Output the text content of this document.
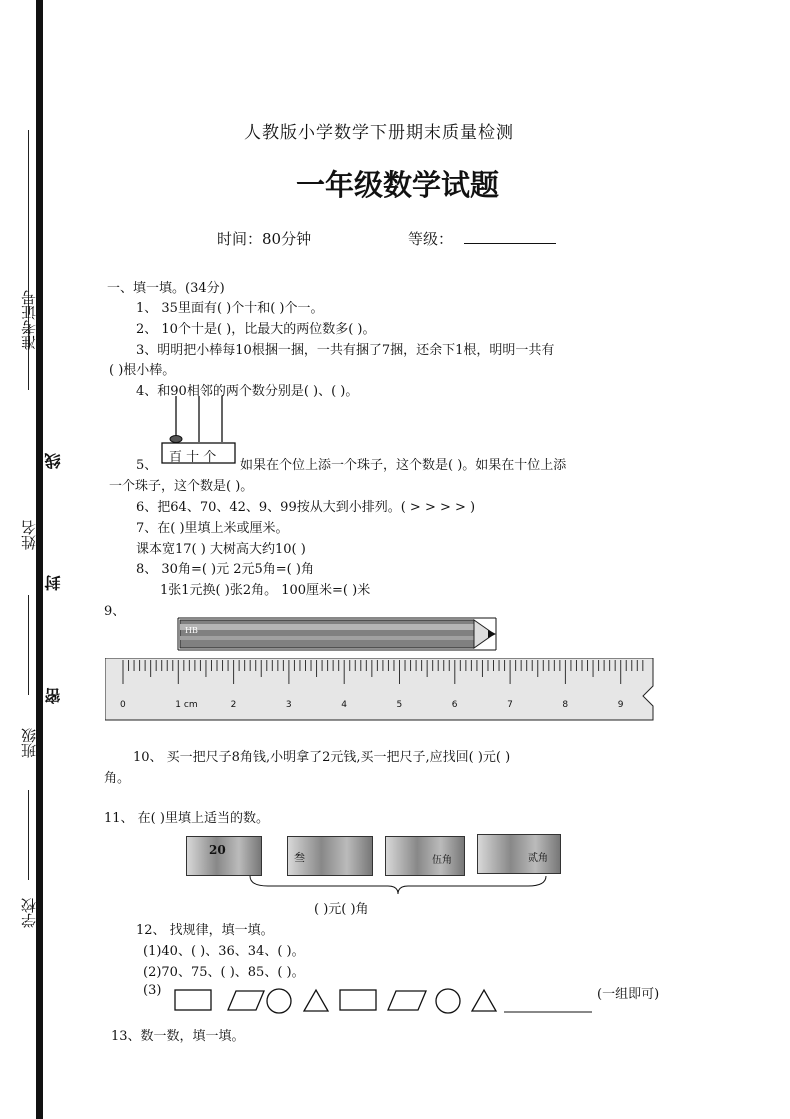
准考证号
线
姓名
封
密
班级
学校
人教版小学数学下册期末质量检测
一年级数学试题
时间：80分钟	等级：
一、填一填。(34分)
1、 35里面有( )个十和( )个一。
2、 10个十是( )，比最大的两位数多( )。
3、明明把小棒每10根捆一捆，一共有捆了7捆，还余下1根，明明一共有
( )根小棒。
4、和90相邻的两个数分别是( )、( )。
百 十 个
5、	如果在个位上添一个珠子，这个数是( )。如果在十位上添
一个珠子，这个数是( )。
6、把64、70、42、9、99按从大到小排列。( > > > > )
7、在( )里填上米或厘米。
课本宽17( ) 大树高大约10( )
8、 30角=( )元 2元5角=( )角
1张1元换( )张2角。 100厘米=( )米
9、
HB
0	1 cm	2	3	4	5	6	7	8	9
10、 买一把尺子8角钱,小明拿了2元钱,买一把尺子,应找回( )元( )
角。
11、 在( )里填上适当的数。
20
叁	伍角	贰角
( )元( )角
12、 找规律，填一填。
(1)40、( )、36、34、( )。
(2)70、75、( )、85、( )。
(3)	(一组即可)
13、数一数，填一填。
